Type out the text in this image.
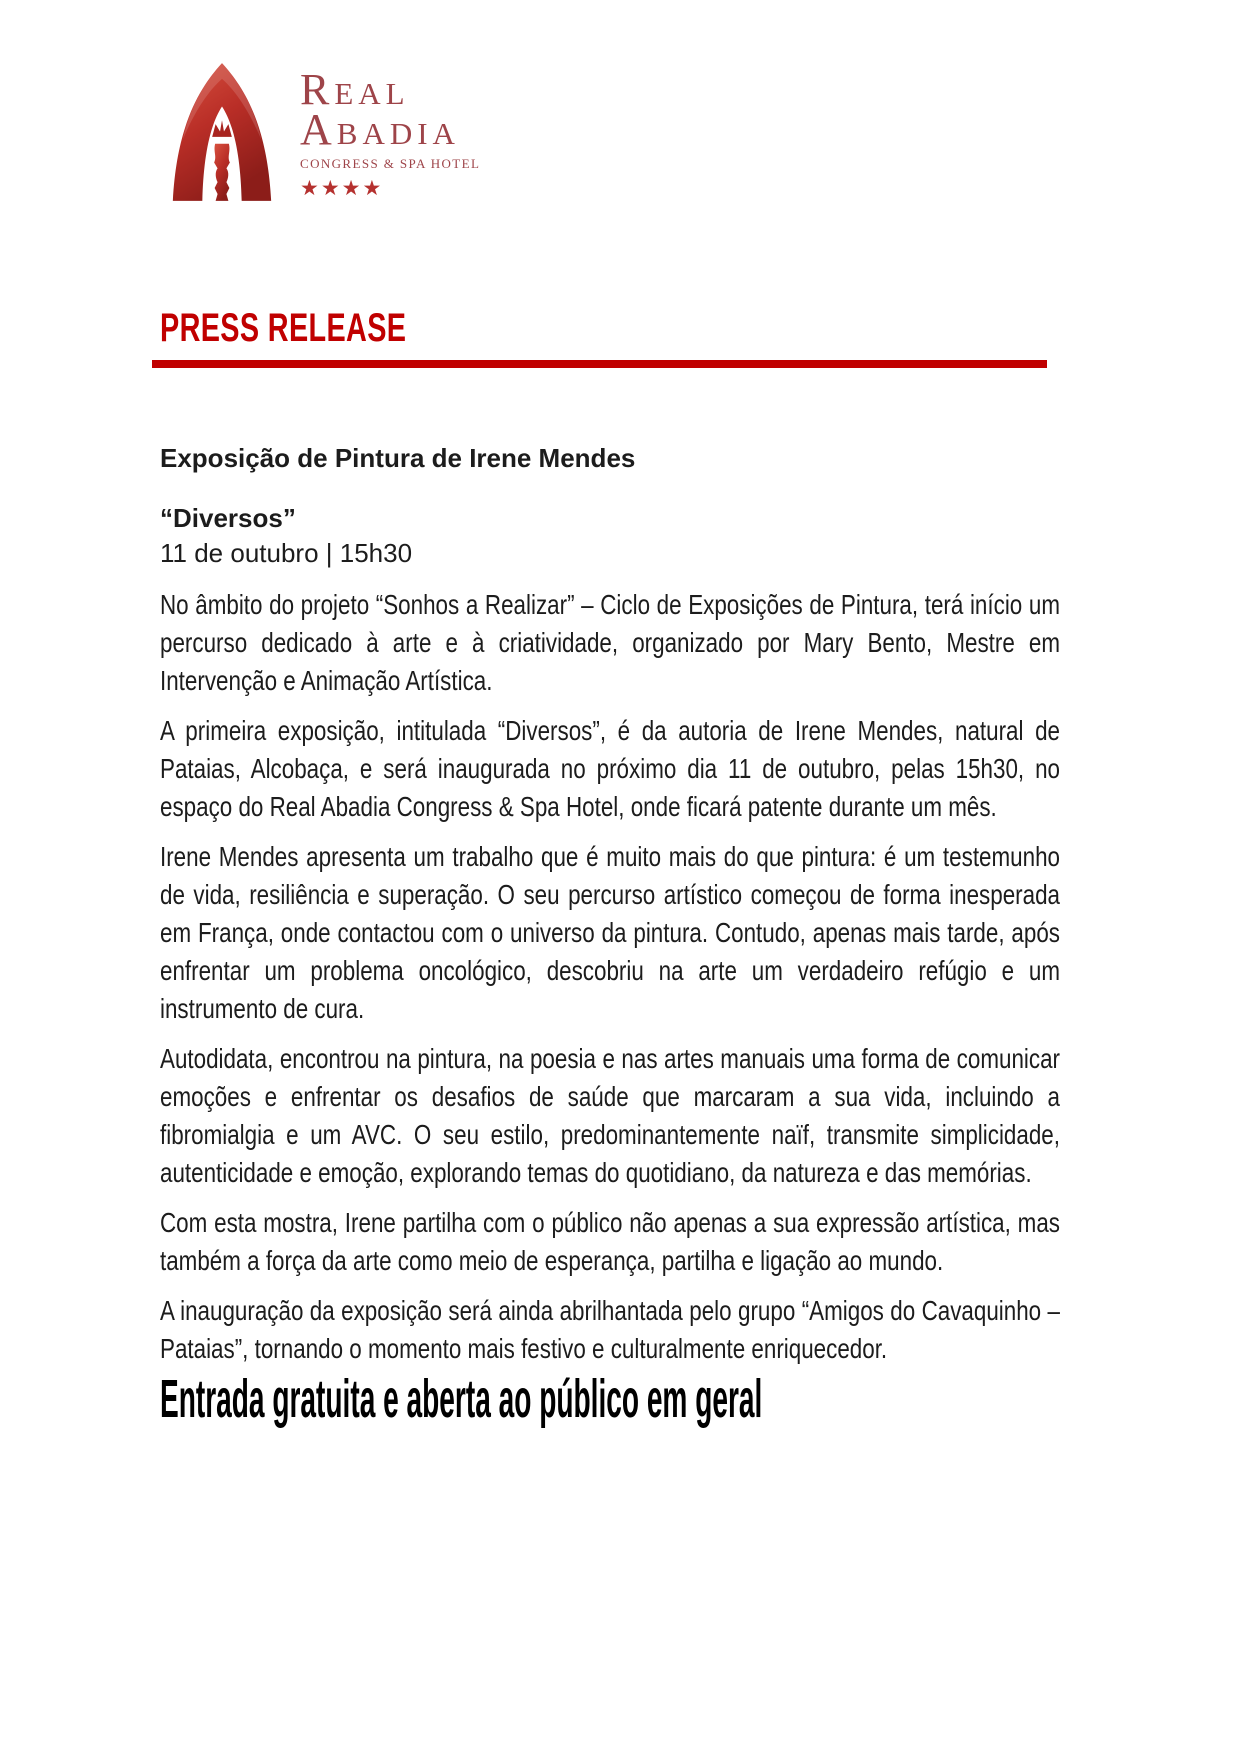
Real
Abadia
CONGRESS & SPA HOTEL
★★★★
PRESS RELEASE
Exposição de Pintura de Irene Mendes
“Diversos”
11 de outubro | 15h30

No âmbito do projeto “Sonhos a Realizar” – Ciclo de Exposições de Pintura, terá início um percurso dedicado à arte e à criatividade, organizado por Mary Bento, Mestre em Intervenção e Animação Artística.

A primeira exposição, intitulada “Diversos”, é da autoria de Irene Mendes, natural de Pataias, Alcobaça, e será inaugurada no próximo dia 11 de outubro, pelas 15h30, no espaço do Real Abadia Congress & Spa Hotel, onde ficará patente durante um mês.

Irene Mendes apresenta um trabalho que é muito mais do que pintura: é um testemunho de vida, resiliência e superação. O seu percurso artístico começou de forma inesperada em França, onde contactou com o universo da pintura. Contudo, apenas mais tarde, após enfrentar um problema oncológico, descobriu na arte um verdadeiro refúgio e um instrumento de cura.

Autodidata, encontrou na pintura, na poesia e nas artes manuais uma forma de comunicar emoções e enfrentar os desafios de saúde que marcaram a sua vida, incluindo a fibromialgia e um AVC. O seu estilo, predominantemente naïf, transmite simplicidade, autenticidade e emoção, explorando temas do quotidiano, da natureza e das memórias.

Com esta mostra, Irene partilha com o público não apenas a sua expressão artística, mas também a força da arte como meio de esperança, partilha e ligação ao mundo.

A inauguração da exposição será ainda abrilhantada pelo grupo “Amigos do Cavaquinho – Pataias”, tornando o momento mais festivo e culturalmente enriquecedor.

Entrada gratuita e aberta ao público em geral
